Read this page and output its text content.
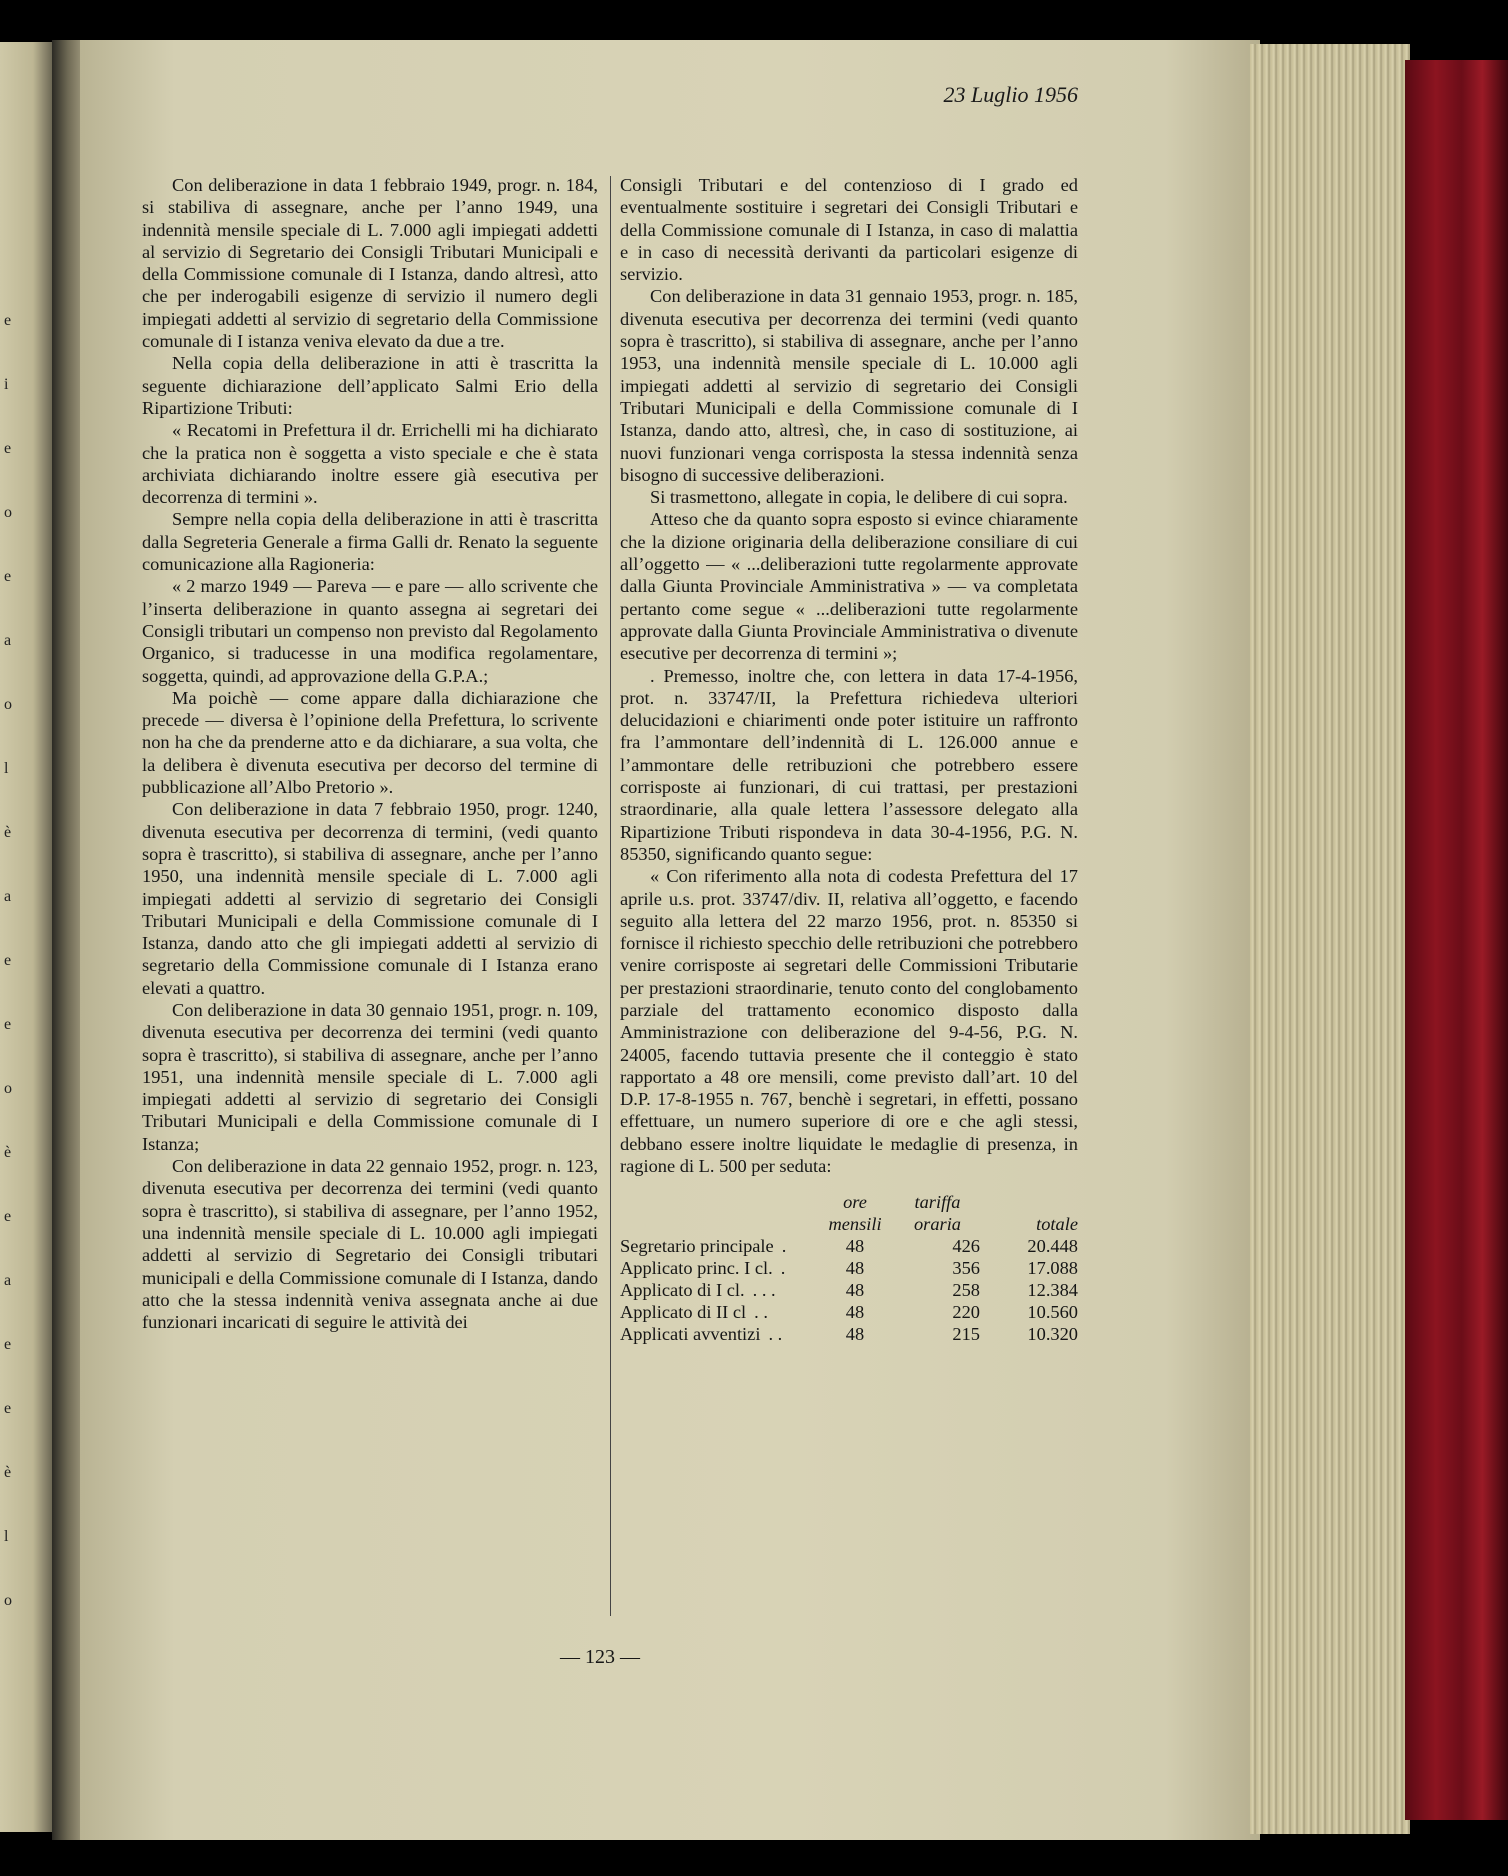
e
i
e
o
e
a
o
l
è
a
e
e
o
è
e
a
e
e
è
l
o
23 Luglio 1956

Con deliberazione in data 1 febbraio 1949, progr. n. 184, si stabiliva di assegnare, anche per l’anno 1949, una indennità mensile speciale di L. 7.000 agli impiegati addetti al servizio di Segretario dei Consigli Tributari Municipali e della Commissione comunale di I Istanza, dando altresì, atto che per inderogabili esigenze di servizio il numero degli impiegati addetti al servizio di segretario della Commissione comunale di I istanza veniva elevato da due a tre.

Nella copia della deliberazione in atti è trascritta la seguente dichiarazione dell’applicato Salmi Erio della Ripartizione Tributi:

« Recatomi in Prefettura il dr. Errichelli mi ha dichiarato che la pratica non è soggetta a visto speciale e che è stata archiviata dichiarando inoltre essere già esecutiva per decorrenza di termini ».

Sempre nella copia della deliberazione in atti è trascritta dalla Segreteria Generale a firma Galli dr. Renato la seguente comunicazione alla Ragioneria:

« 2 marzo 1949 — Pareva — e pare — allo scrivente che l’inserta deliberazione in quanto assegna ai segretari dei Consigli tributari un compenso non previsto dal Regolamento Organico, si traducesse in una modifica regolamentare, soggetta, quindi, ad approvazione della G.P.A.;

Ma poichè — come appare dalla dichiarazione che precede — diversa è l’opinione della Prefettura, lo scrivente non ha che da prenderne atto e da dichiarare, a sua volta, che la delibera è divenuta esecutiva per decorso del termine di pubblicazione all’Albo Pretorio ».

Con deliberazione in data 7 febbraio 1950, progr. 1240, divenuta esecutiva per decorrenza di termini, (vedi quanto sopra è trascritto), si stabiliva di assegnare, anche per l’anno 1950, una indennità mensile speciale di L. 7.000 agli impiegati addetti al servizio di segretario dei Consigli Tributari Municipali e della Commissione comunale di I Istanza, dando atto che gli impiegati addetti al servizio di segretario della Commissione comunale di I Istanza erano elevati a quattro.

Con deliberazione in data 30 gennaio 1951, progr. n. 109, divenuta esecutiva per decorrenza dei termini (vedi quanto sopra è trascritto), si stabiliva di assegnare, anche per l’anno 1951, una indennità mensile speciale di L. 7.000 agli impiegati addetti al servizio di segretario dei Consigli Tributari Municipali e della Commissione comunale di I Istanza;

Con deliberazione in data 22 gennaio 1952, progr. n. 123, divenuta esecutiva per decorrenza dei termini (vedi quanto sopra è trascritto), si stabiliva di assegnare, per l’anno 1952, una indennità mensile speciale di L. 10.000 agli impiegati addetti al servizio di Segretario dei Consigli tributari municipali e della Commissione comunale di I Istanza, dando atto che la stessa indennità veniva assegnata anche ai due funzionari incaricati di seguire le attività dei

Consigli Tributari e del contenzioso di I grado ed eventualmente sostituire i segretari dei Consigli Tributari e della Commissione comunale di I Istanza, in caso di malattia e in caso di necessità derivanti da particolari esigenze di servizio.

Con deliberazione in data 31 gennaio 1953, progr. n. 185, divenuta esecutiva per decorrenza dei termini (vedi quanto sopra è trascritto), si stabiliva di assegnare, anche per l’anno 1953, una indennità mensile speciale di L. 10.000 agli impiegati addetti al servizio di segretario dei Consigli Tributari Municipali e della Commissione comunale di I Istanza, dando atto, altresì, che, in caso di sostituzione, ai nuovi funzionari venga corrisposta la stessa indennità senza bisogno di successive deliberazioni.

Si trasmettono, allegate in copia, le delibere di cui sopra.

Atteso che da quanto sopra esposto si evince chiaramente che la dizione originaria della deliberazione consiliare di cui all’oggetto — « ...deliberazioni tutte regolarmente approvate dalla Giunta Provinciale Amministrativa » — va completata pertanto come segue « ...deliberazioni tutte regolarmente approvate dalla Giunta Provinciale Amministrativa o divenute esecutive per decorrenza di termini »;

. Premesso, inoltre che, con lettera in data 17-4-1956, prot. n. 33747/II, la Prefettura richiedeva ulteriori delucidazioni e chiarimenti onde poter istituire un raffronto fra l’ammontare dell’indennità di L. 126.000 annue e l’ammontare delle retribuzioni che potrebbero essere corrisposte ai funzionari, di cui trattasi, per prestazioni straordinarie, alla quale lettera l’assessore delegato alla Ripartizione Tributi rispondeva in data 30-4-1956, P.G. N. 85350, significando quanto segue:

« Con riferimento alla nota di codesta Prefettura del 17 aprile u.s. prot. 33747/div. II, relativa all’oggetto, e facendo seguito alla lettera del 22 marzo 1956, prot. n. 85350 si fornisce il richiesto specchio delle retribuzioni che potrebbero venire corrisposte ai segretari delle Commissioni Tributarie per prestazioni straordinarie, tenuto conto del conglobamento parziale del trattamento economico disposto dalla Amministrazione con deliberazione del 9-4-56, P.G. N. 24005, facendo tuttavia presente che il conteggio è stato rapportato a 48 ore mensili, come previsto dall’art. 10 del D.P. 17-8-1955 n. 767, benchè i segretari, in effetti, possano effettuare, un numero superiore di ore e che agli stessi, debbano essere inoltre liquidate le medaglie di presenza, in ragione di L. 500 per seduta:

	ore mensili	tariffa oraria	totale
Segretario principale .	48	426	20.448
Applicato princ. I cl. .	48	356	17.088
Applicato di I cl. . . .	48	258	12.384
Applicato di II cl . .	48	220	10.560
Applicati avventizi . .	48	215	10.320
— 123 —
